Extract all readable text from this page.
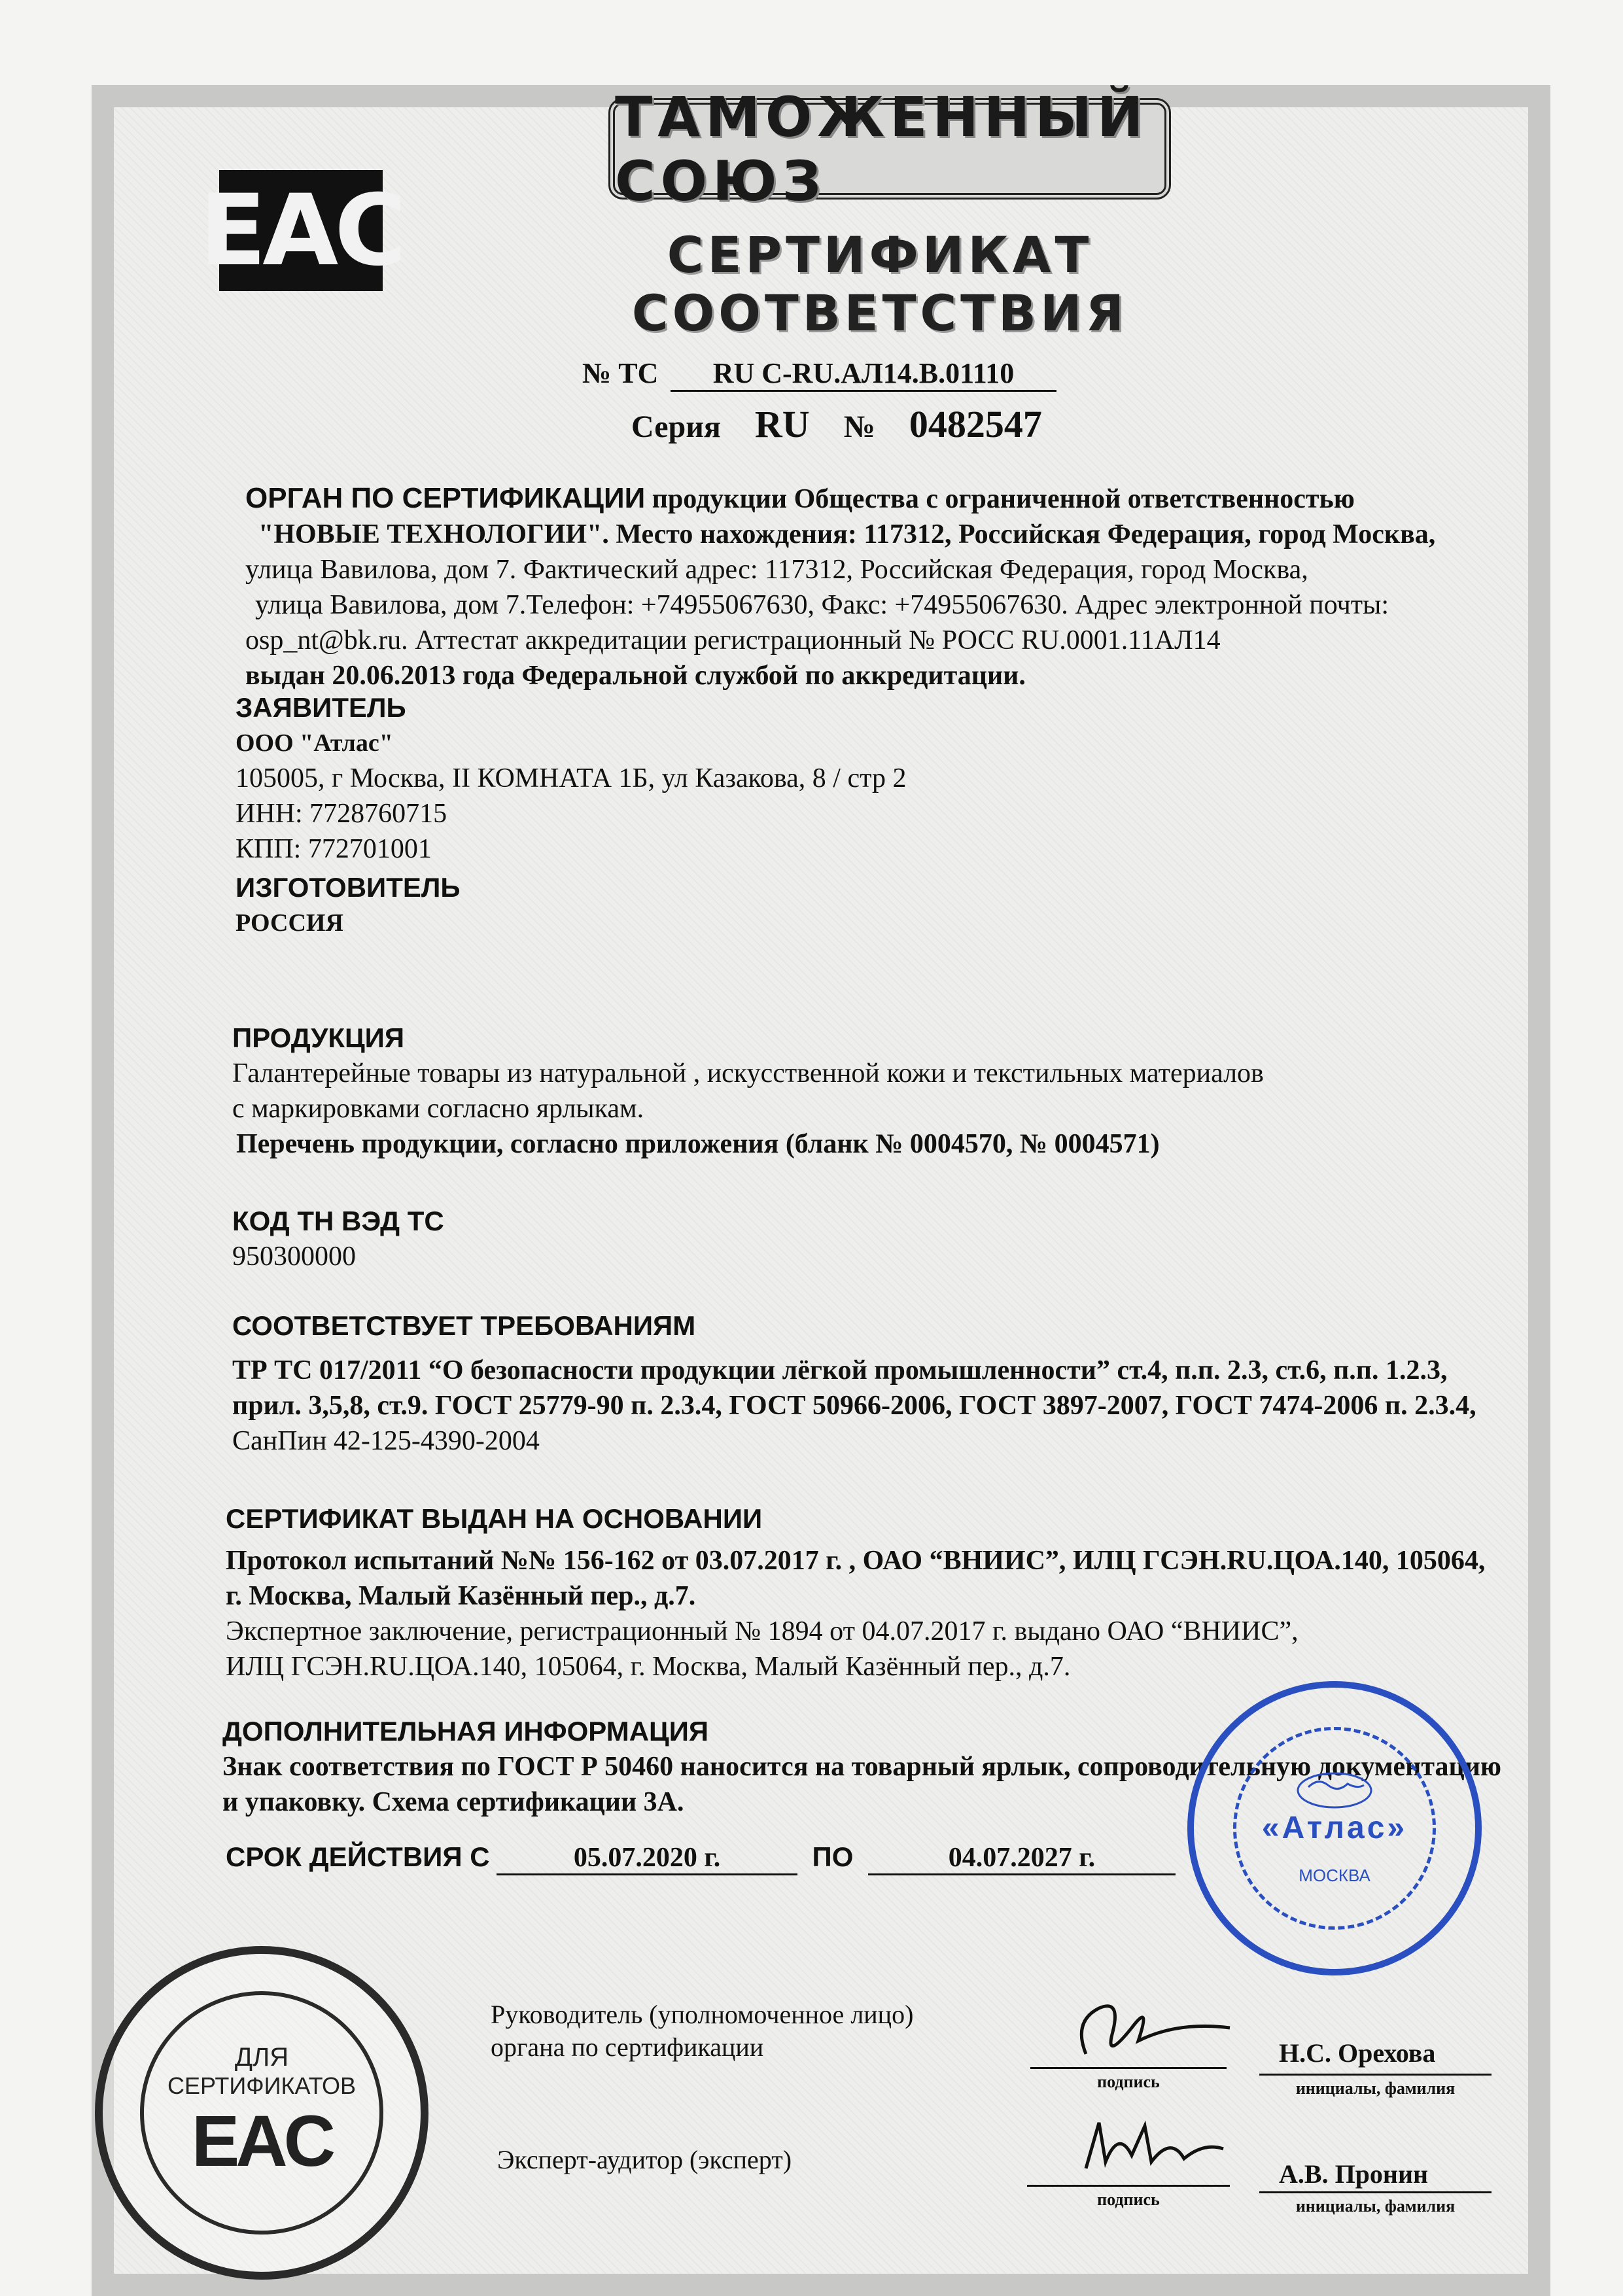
ТАМОЖЕННЫЙ СОЮЗ
EAC	СЕРТИФИКАТ СООТВЕТСТВИЯ
№ ТС RU C-RU.АЛ14.В.01110
Серия RU № 0482547
ОРГАН ПО СЕРТИФИКАЦИИ продукции Общества с ограниченной ответственностью
"НОВЫЕ ТЕХНОЛОГИИ". Место нахождения: 117312, Российская Федерация, город Москва,
улица Вавилова, дом 7. Фактический адрес: 117312, Российская Федерация, город Москва,
улица Вавилова, дом 7.Телефон: +74955067630, Факс: +74955067630. Адрес электронной почты:
osp_nt@bk.ru. Аттестат аккредитации регистрационный № РОСС RU.0001.11АЛ14
выдан 20.06.2013 года Федеральной службой по аккредитации.
ЗАЯВИТЕЛЬ
ООО "Атлас"
105005, г Москва, II КОМНАТА 1Б, ул Казакова, 8 / стр 2
ИНН: 7728760715
КПП: 772701001
ИЗГОТОВИТЕЛЬ
РОССИЯ
ПРОДУКЦИЯ
Галантерейные товары из натуральной , искусственной кожи и текстильных материалов
с маркировками согласно ярлыкам.
Перечень продукции, согласно приложения (бланк № 0004570, № 0004571)
КОД ТН ВЭД ТС
950300000
СООТВЕТСТВУЕТ ТРЕБОВАНИЯМ
ТР ТС 017/2011 “О безопасности продукции лёгкой промышленности” ст.4, п.п. 2.3, ст.6, п.п. 1.2.3,
прил. 3,5,8, ст.9. ГОСТ 25779-90 п. 2.3.4, ГОСТ 50966-2006, ГОСТ 3897-2007, ГОСТ 7474-2006 п. 2.3.4,
СанПин 42-125-4390-2004
СЕРТИФИКАТ ВЫДАН НА ОСНОВАНИИ
Протокол испытаний №№ 156-162 от 03.07.2017 г. , ОАО “ВНИИС”, ИЛЦ ГСЭН.RU.ЦОА.140, 105064,
г. Москва, Малый Казённый пер., д.7.
Экспертное заключение, регистрационный № 1894 от 04.07.2017 г. выдано ОАО “ВНИИС”,
ИЛЦ ГСЭН.RU.ЦОА.140, 105064, г. Москва, Малый Казённый пер., д.7.
ДОПОЛНИТЕЛЬНАЯ ИНФОРМАЦИЯ
Знак соответствия по ГОСТ Р 50460 наносится на товарный ярлык, сопроводительную документацию
и упаковку. Схема сертификации 3А.
СРОК ДЕЙСТВИЯ С	05.07.2020 г.	ПО	04.07.2027 г.
ДЛЯ
СЕРТИФИКАТОВ
EAC
«Атлас»
МОСКВА
Руководитель (уполномоченное лицо)
органа по сертификации
подпись
Н.С. Орехова
инициалы, фамилия
Эксперт-аудитор (эксперт)
подпись
А.В. Пронин
инициалы, фамилия
